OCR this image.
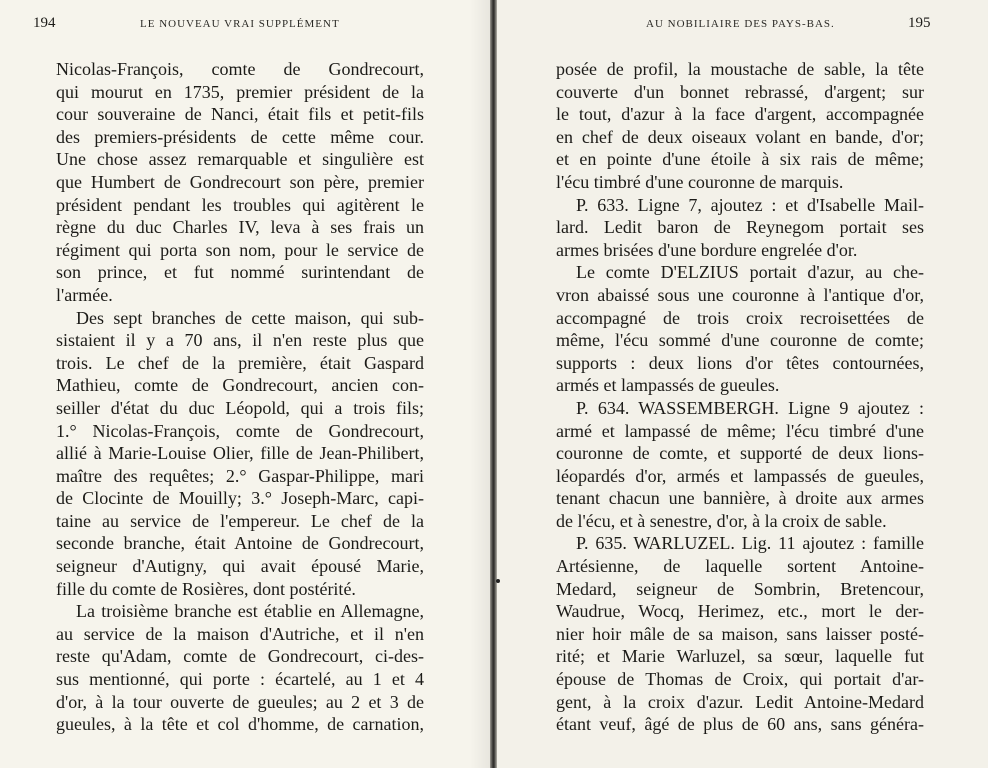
194	LE NOUVEAU VRAI SUPPLÉMENT
Nicolas-François, comte de Gondrecourt,
qui mourut en 1735, premier président de la
cour souveraine de Nanci, était fils et petit-fils
des premiers-présidents de cette même cour.
Une chose assez remarquable et singulière est
que Humbert de Gondrecourt son père, premier
président pendant les troubles qui agitèrent le
règne du duc Charles IV, leva à ses frais un
régiment qui porta son nom, pour le service de
son prince, et fut nommé surintendant de
l'armée.
Des sept branches de cette maison, qui sub-
sistaient il y a 70 ans, il n'en reste plus que
trois. Le chef de la première, était Gaspard
Mathieu, comte de Gondrecourt, ancien con-
seiller d'état du duc Léopold, qui a trois fils;
1.° Nicolas-François, comte de Gondrecourt,
allié à Marie-Louise Olier, fille de Jean-Philibert,
maître des requêtes; 2.° Gaspar-Philippe, mari
de Clocinte de Mouilly; 3.° Joseph-Marc, capi-
taine au service de l'empereur. Le chef de la
seconde branche, était Antoine de Gondrecourt,
seigneur d'Autigny, qui avait épousé Marie,
fille du comte de Rosières, dont postérité.
La troisième branche est établie en Allemagne,
au service de la maison d'Autriche, et il n'en
reste qu'Adam, comte de Gondrecourt, ci-des-
sus mentionné, qui porte : écartelé, au 1 et 4
d'or, à la tour ouverte de gueules; au 2 et 3 de
gueules, à la tête et col d'homme, de carnation,
AU NOBILIAIRE DES PAYS-BAS.	195
posée de profil, la moustache de sable, la tête
couverte d'un bonnet rebrassé, d'argent; sur
le tout, d'azur à la face d'argent, accompagnée
en chef de deux oiseaux volant en bande, d'or;
et en pointe d'une étoile à six rais de même;
l'écu timbré d'une couronne de marquis.
P. 633. Ligne 7, ajoutez : et d'Isabelle Mail-
lard. Ledit baron de Reynegom portait ses
armes brisées d'une bordure engrelée d'or.
Le comte D'ELZIUS portait d'azur, au che-
vron abaissé sous une couronne à l'antique d'or,
accompagné de trois croix recroisettées de
même, l'écu sommé d'une couronne de comte;
supports : deux lions d'or têtes contournées,
armés et lampassés de gueules.
P. 634. WASSEMBERGH. Ligne 9 ajoutez :
armé et lampassé de même; l'écu timbré d'une
couronne de comte, et supporté de deux lions-
léopardés d'or, armés et lampassés de gueules,
tenant chacun une bannière, à droite aux armes
de l'écu, et à senestre, d'or, à la croix de sable.
P. 635. WARLUZEL. Lig. 11 ajoutez : famille
Artésienne, de laquelle sortent Antoine-
Medard, seigneur de Sombrin, Bretencour,
Waudrue, Wocq, Herimez, etc., mort le der-
nier hoir mâle de sa maison, sans laisser posté-
rité; et Marie Warluzel, sa sœur, laquelle fut
épouse de Thomas de Croix, qui portait d'ar-
gent, à la croix d'azur. Ledit Antoine-Medard
étant veuf, âgé de plus de 60 ans, sans généra-
